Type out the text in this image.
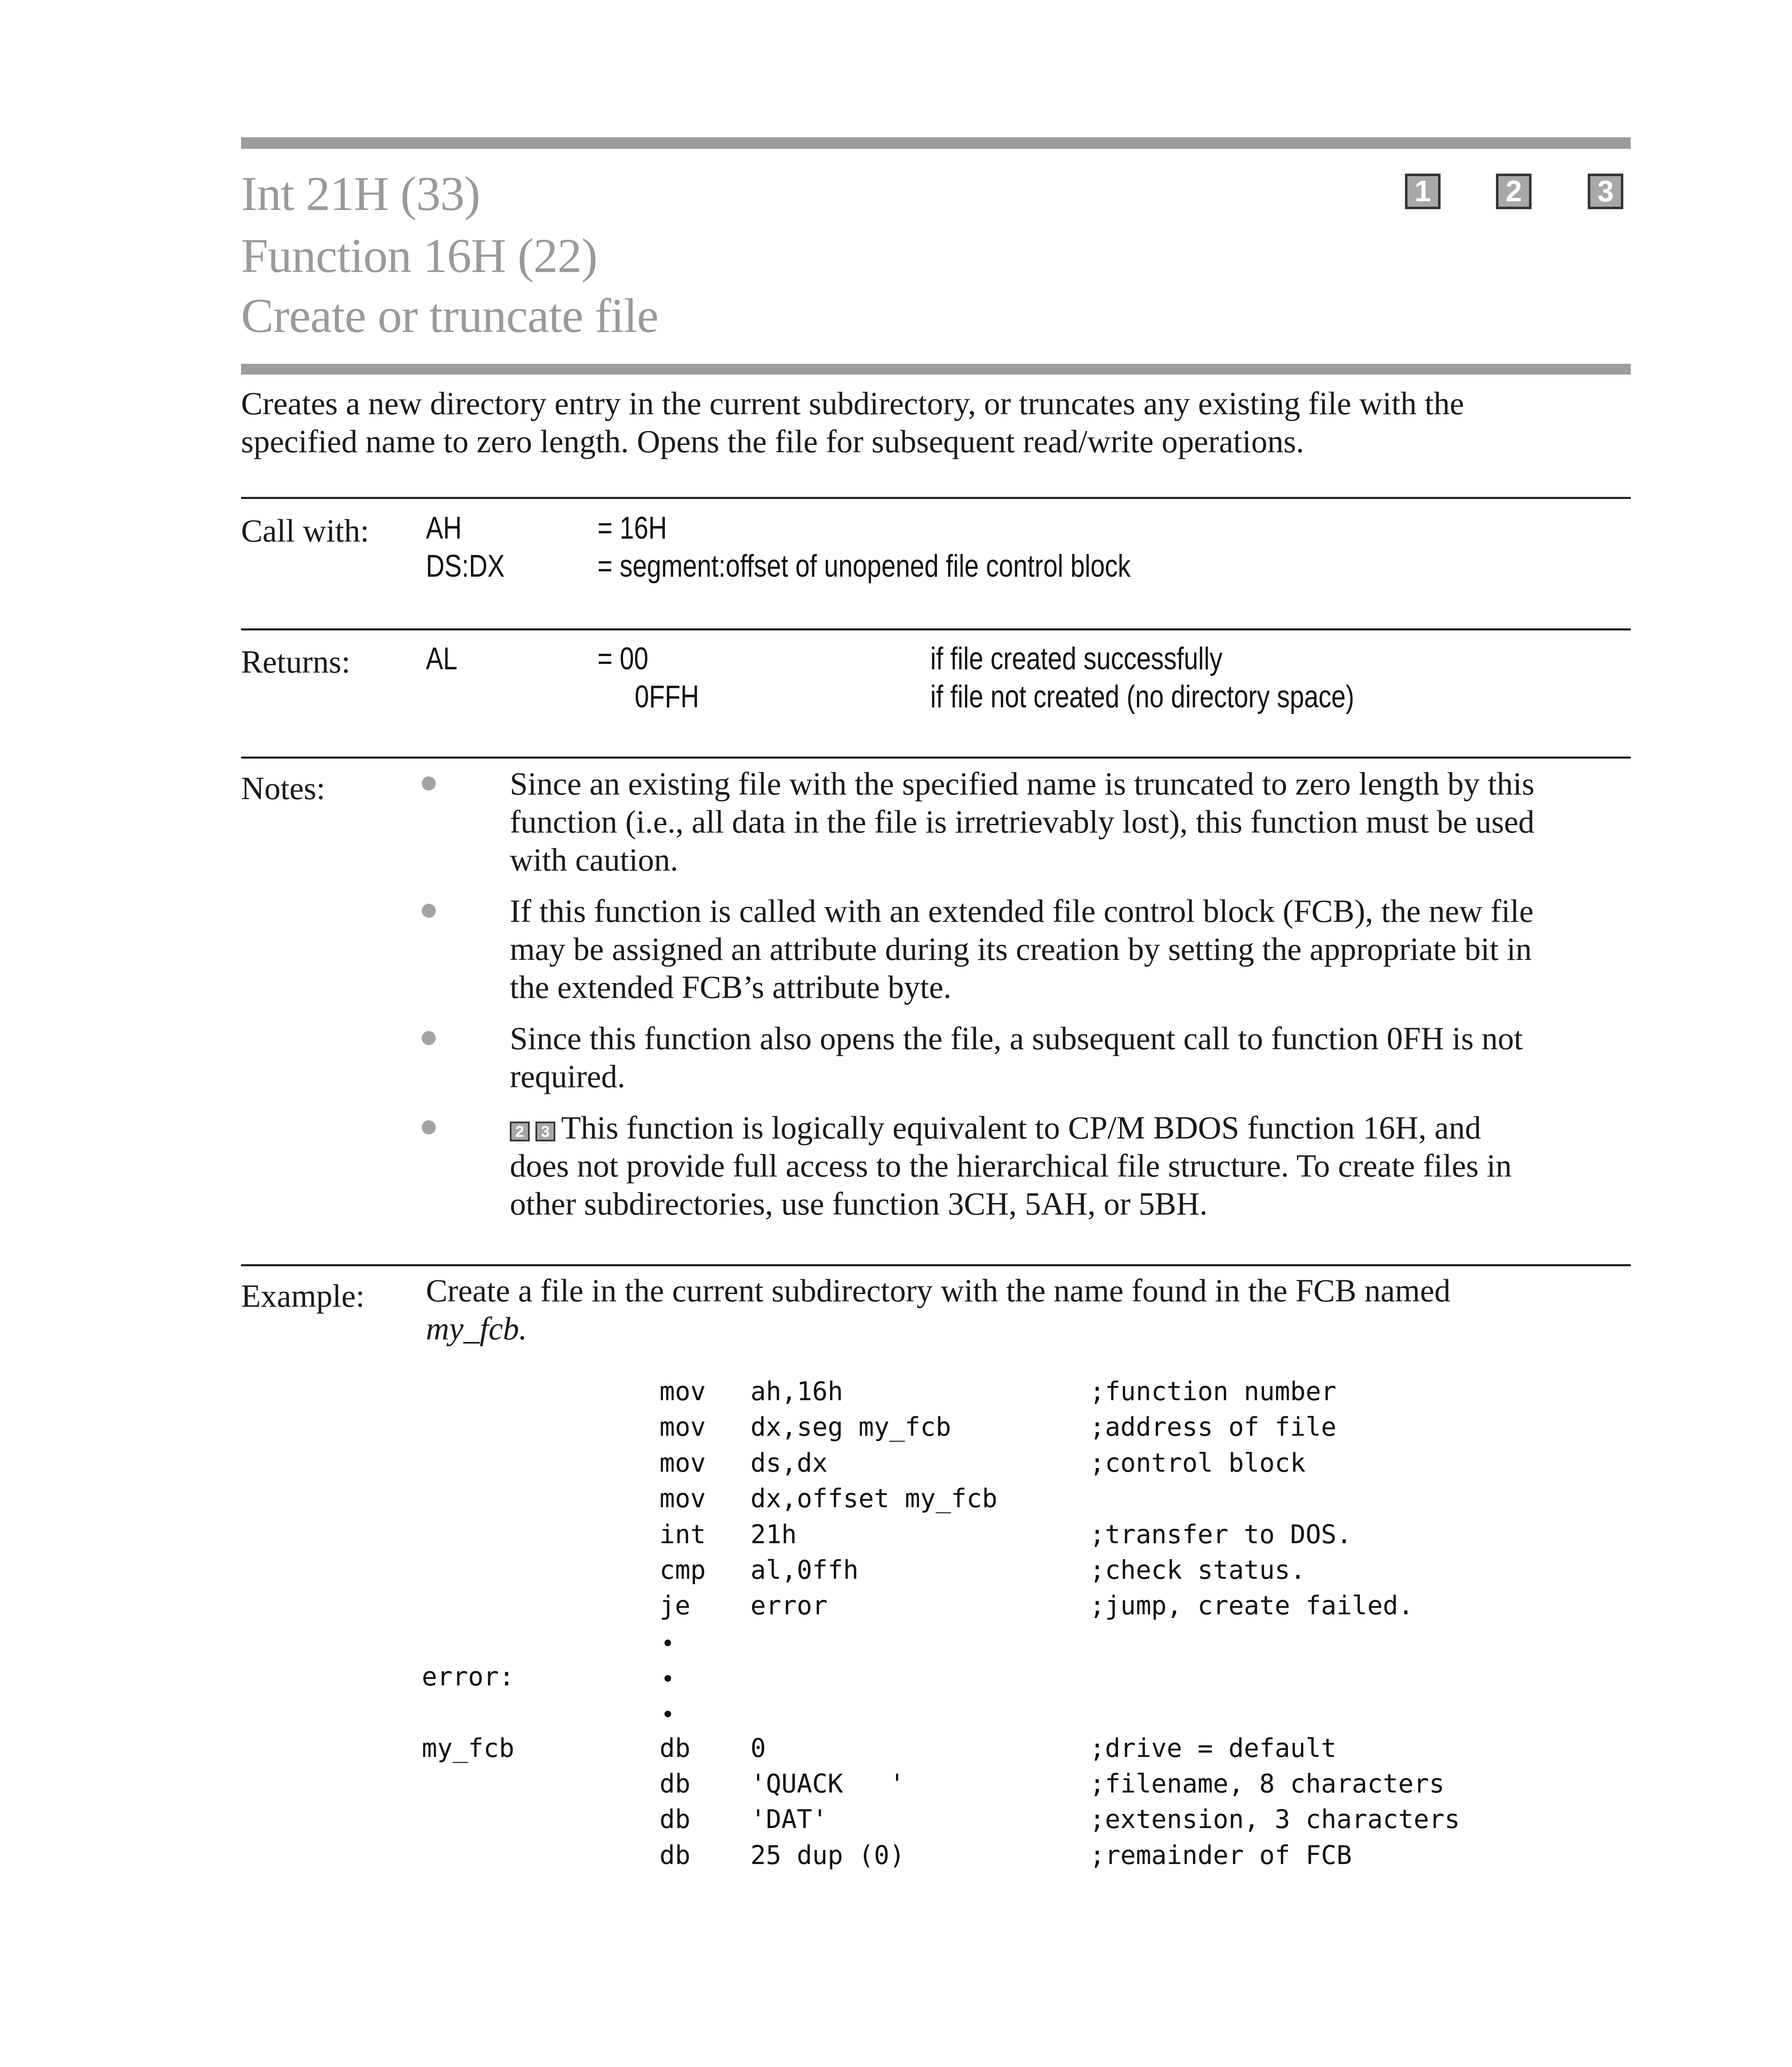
Int 21H (33)
Function 16H (22)
Create or truncate file
1	2	3
Creates a new directory entry in the current subdirectory, or truncates any existing file with the
specified name to zero length. Opens the file for subsequent read/write operations.
Call with: AH	= 16H
DS:DX	= segment:offset of unopened file control block
Returns: AL	= 00	if file created successfully
0FFH	if file not created (no directory space)
Notes:	Since an existing file with the specified name is truncated to zero length by this
function (i.e., all data in the file is irretrievably lost), this function must be used
with caution.
If this function is called with an extended file control block (FCB), the new file
may be assigned an attribute during its creation by setting the appropriate bit in
the extended FCB’s attribute byte.
Since this function also opens the file, a subsequent call to function 0FH is not
required.
2 3 This function is logically equivalent to CP/M BDOS function 16H, and
does not provide full access to the hierarchical file structure. To create files in
other subdirectories, use function 3CH, 5AH, or 5BH.
Example: Create a file in the current subdirectory with the name found in the FCB named
my_fcb.
mov ah,16h	;function number
mov dx,seg my_fcb	;address of file
mov ds,dx	;control block
mov dx,offset my_fcb
int 21h	;transfer to DOS.
cmp al,0ffh	;check status.
je error	;jump, create failed.
error:
my_fcb	db 0	;drive = default
db 'QUACK   '	;filename, 8 characters
db 'DAT'	;extension, 3 characters
db 25 dup (0)	;remainder of FCB
